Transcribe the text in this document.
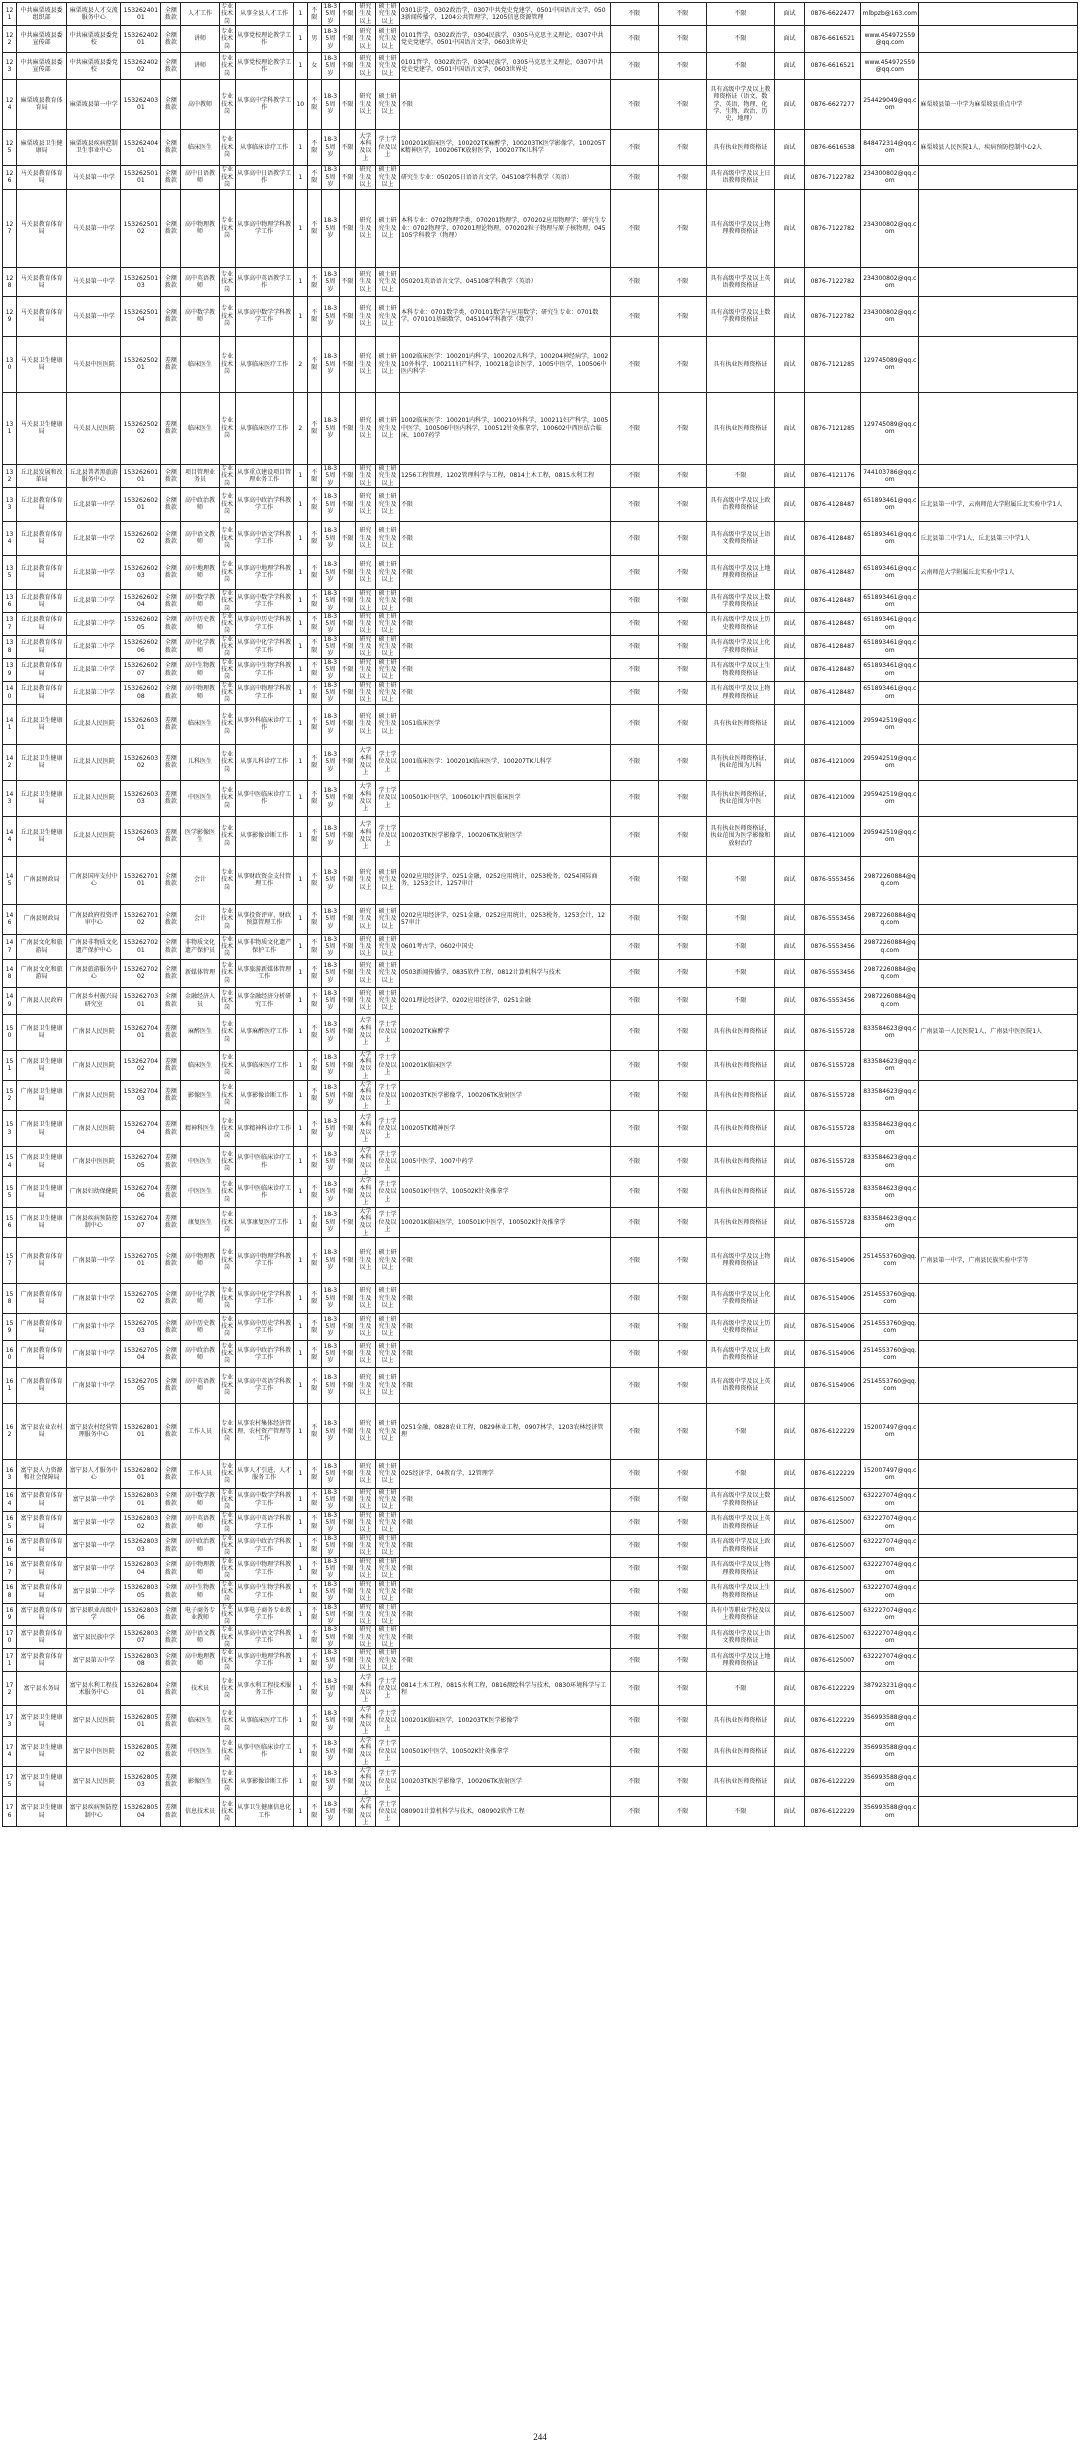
121	中共麻栗坡县委组织部	麻栗坡县人才交流服务中心	15326240101	全额拨款	人才工作	专业技术岗	从事全县人才工作	1	不限	18-35周岁	不限	研究生及以上	硕士研究生及以上	0301法学，0302政治学，0307中共党史党建学，0501中国语言文学，0503新闻传播学，1204公共管理学，1205信息资源管理	不限	不限	不限	面试	0876-6622477	mlbpzb@163.com	
122	中共麻栗坡县委宣传部	中共麻栗坡县委党校	15326240201	全额拨款	讲师	专业技术岗	从事党校理论教学工作	1	男	18-35周岁	不限	研究生及以上	硕士研究生及以上	0101哲学，0302政治学，0304民族学，0305马克思主义理论，0307中共党史党建学，0501中国语言文学，0603世界史	不限	不限	不限	面试	0876-6616521	www.454972559@qq.com	
123	中共麻栗坡县委宣传部	中共麻栗坡县委党校	15326240202	全额拨款	讲师	专业技术岗	从事党校理论教学工作	1	女	18-35周岁	不限	研究生及以上	硕士研究生及以上	0101哲学，0302政治学，0304民族学，0305马克思主义理论，0307中共党史党建学，0501中国语言文学，0603世界史	不限	不限	不限	面试	0876-6616521	www.454972559@qq.com	
124	麻栗坡县教育体育局	麻栗坡县第一中学	15326240301	全额拨款	高中教师	专业技术岗	从事高中学科教学工作	10	不限	18-35周岁	不限	研究生及以上	硕士研究生及以上	不限	不限	不限	具有高级中学及以上教师资格证（语文、数学、英语、物理、化学、生物、政治、历史、地理）	面试	0876-6627277	254429049@qq.com	麻栗坡县第一中学为麻栗坡县重点中学
125	麻栗坡县卫生健康局	麻栗坡县疾病控制卫生事业中心	15326240401	全额拨款	临床医生	专业技术岗	从事临床诊疗工作	1	不限	18-35周岁	不限	大学本科及以上	学士学位及以上	100201K临床医学，100202TK麻醉学，100203TK医学影像学，100205TK精神医学，100206TK放射医学，100207TK儿科学	不限	不限	具有执业医师资格证	面试	0876-6616538	848472314@qq.com	麻栗坡县人民医院1人，疾病预防控制中心2人
126	马关县教育体育局	马关县第一中学	15326250101	全额拨款	高中日语教师	专业技术岗	从事高中日语教学工作	1	不限	18-35周岁	不限	研究生及以上	硕士研究生及以上	研究生专业：050205日语语言文学，045108学科教学（英语）	不限	不限	具有高级中学及以上日语教师资格证	面试	0876-7122782	234300802@qq.com	
127	马关县教育体育局	马关县第一中学	15326250102	全额拨款	高中物理教师	专业技术岗	从事高中物理学科教学工作	1	不限	18-35周岁	不限	研究生及以上	硕士研究生及以上	本科专业：0702物理学类，070201物理学，070202应用物理学；研究生专业：0702物理学，070201理论物理，070202粒子物理与原子核物理，045105学科教学（物理）	不限	不限	具有高级中学及以上物理教师资格证	面试	0876-7122782	234300802@qq.com	
128	马关县教育体育局	马关县第一中学	15326250103	全额拨款	高中英语教师	专业技术岗	从事高中英语教学工作	1	不限	18-35周岁	不限	研究生及以上	硕士研究生及以上	050201英语语言文学，045108学科教学（英语）	不限	不限	具有高级中学及以上英语教师资格证	面试	0876-7122782	234300802@qq.com	
129	马关县教育体育局	马关县第一中学	15326250104	全额拨款	高中数学教师	专业技术岗	从事高中数学学科教学工作	1	不限	18-35周岁	不限	研究生及以上	硕士研究生及以上	本科专业：0701数学类，070101数学与应用数学；研究生专业：0701数学，070101基础数学，045104学科教学（数学）	不限	不限	具有高级中学及以上数学教师资格证	面试	0876-7122782	234300802@qq.com	
130	马关县卫生健康局	马关县中医医院	15326250201	差额拨款	临床医生	专业技术岗	从事临床医疗工作	2	不限	18-35周岁	不限	研究生及以上	硕士研究生及以上	1002临床医学：100201内科学，100202儿科学，100204神经病学，100210外科学，100211妇产科学，100218急诊医学，1005中医学，100506中医内科学	不限	不限	具有执业医师资格证	面试	0876-7121285	129745089@qq.com	
131	马关县卫生健康局	马关县人民医院	15326250202	差额拨款	临床医生	专业技术岗	从事临床医疗工作	2	不限	18-35周岁	不限	研究生及以上	硕士研究生及以上	1002临床医学：100201内科学，100210外科学，100211妇产科学，1005中医学，100506中医内科学，100512针灸推拿学，100602中西医结合临床，1007药学	不限	不限	具有执业医师资格证	面试	0876-7121285	129745089@qq.com	
132	丘北县发展和改革局	丘北县普者黑旅游服务中心	15326260101	全额拨款	项目管理业务员	专业技术岗	从事重点建设项目管理业务工作	1	不限	18-35周岁	不限	研究生及以上	硕士研究生及以上	1256工程管理，1202管理科学与工程，0814土木工程，0815水利工程	不限	不限	不限	面试	0876-4121176	744103786@qq.com	
133	丘北县教育体育局	丘北县第一中学	15326260201	全额拨款	高中政治教师	专业技术岗	从事高中政治学科教学工作	1	不限	18-35周岁	不限	研究生及以上	硕士研究生及以上	不限	不限	不限	具有高级中学及以上政治教师资格证	面试	0876-4128487	651893461@qq.com	丘北县第一中学，云南师范大学附属丘北实验中学1人
134	丘北县教育体育局	丘北县第一中学	15326260202	全额拨款	高中语文教师	专业技术岗	从事高中语文学科教学工作	1	不限	18-35周岁	不限	研究生及以上	硕士研究生及以上	不限	不限	不限	具有高级中学及以上语文教师资格证	面试	0876-4128487	651893461@qq.com	丘北县第二中学1人，丘北县第三中学1人
135	丘北县教育体育局	丘北县第一中学	15326260203	全额拨款	高中地理教师	专业技术岗	从事高中地理学科教学工作	1	不限	18-35周岁	不限	研究生及以上	硕士研究生及以上	不限	不限	不限	具有高级中学及以上地理教师资格证	面试	0876-4128487	651893461@qq.com	云南师范大学附属丘北实验中学1人
136	丘北县教育体育局	丘北县第二中学	15326260204	全额拨款	高中数学教师	专业技术岗	从事高中数学学科教学工作	1	不限	18-35周岁	不限	研究生及以上	硕士研究生及以上	不限	不限	不限	具有高级中学及以上数学教师资格证	面试	0876-4128487	651893461@qq.com	
137	丘北县教育体育局	丘北县第二中学	15326260205	全额拨款	高中历史教师	专业技术岗	从事高中历史学科教学工作	1	不限	18-35周岁	不限	研究生及以上	硕士研究生及以上	不限	不限	不限	具有高级中学及以上历史教师资格证	面试	0876-4128487	651893461@qq.com	
138	丘北县教育体育局	丘北县第二中学	15326260206	全额拨款	高中化学教师	专业技术岗	从事高中化学学科教学工作	1	不限	18-35周岁	不限	研究生及以上	硕士研究生及以上	不限	不限	不限	具有高级中学及以上化学教师资格证	面试	0876-4128487	651893461@qq.com	
139	丘北县教育体育局	丘北县第二中学	15326260207	全额拨款	高中生物教师	专业技术岗	从事高中生物学科教学工作	1	不限	18-35周岁	不限	研究生及以上	硕士研究生及以上	不限	不限	不限	具有高级中学及以上生物教师资格证	面试	0876-4128487	651893461@qq.com	
140	丘北县教育体育局	丘北县第二中学	15326260208	全额拨款	高中物理教师	专业技术岗	从事高中物理学科教学工作	1	不限	18-35周岁	不限	研究生及以上	硕士研究生及以上	不限	不限	不限	具有高级中学及以上物理教师资格证	面试	0876-4128487	651893461@qq.com	
141	丘北县卫生健康局	丘北县人民医院	15326260301	差额拨款	临床医生	专业技术岗	从事外科临床诊疗工作	1	不限	18-35周岁	不限	研究生及以上	硕士研究生及以上	1051临床医学	不限	不限	具有执业医师资格证	面试	0876-4121009	295942519@qq.com	
142	丘北县卫生健康局	丘北县人民医院	15326260302	差额拨款	儿科医生	专业技术岗	从事儿科诊疗工作	1	不限	18-35周岁	不限	大学本科及以上	学士学位及以上	1001临床医学：100201K临床医学，100207TK儿科学	不限	不限	具有执业医师资格证，执业范围为儿科	面试	0876-4121009	295942519@qq.com	
143	丘北县卫生健康局	丘北县人民医院	15326260303	差额拨款	中医医生	专业技术岗	从事中医临床诊疗工作	1	不限	18-35周岁	不限	大学本科及以上	学士学位及以上	100501K中医学，100601K中西医临床医学	不限	不限	具有执业医师资格证，执业范围为中医	面试	0876-4121009	295942519@qq.com	
144	丘北县卫生健康局	丘北县人民医院	15326260304	差额拨款	医学影像医生	专业技术岗	从事影像诊断工作	1	不限	18-35周岁	不限	大学本科及以上	学士学位及以上	100203TK医学影像学，100206TK放射医学	不限	不限	具有执业医师资格证，执业范围为医学影像和放射治疗	面试	0876-4121009	295942519@qq.com	
145	广南县财政局	广南县国库支付中心	15326270101	全额拨款	会计	专业技术岗	从事财政资金支付管理工作	1	不限	18-35周岁	不限	研究生及以上	硕士研究生及以上	0202应用经济学，0251金融，0252应用统计，0253税务，0254国际商务，1253会计，1257审计	不限	不限	不限	面试	0876-5553456	29872260884@qq.com	
146	广南县财政局	广南县政府投资评审中心	15326270102	全额拨款	会计	专业技术岗	从事投资评审、财政预算管理工作	1	不限	18-35周岁	不限	研究生及以上	硕士研究生及以上	0202应用经济学，0251金融，0252应用统计，0253税务，1253会计，1257审计	不限	不限	不限	面试	0876-5553456	29872260884@qq.com	
147	广南县文化和旅游局	广南县非物质文化遗产保护中心	15326270201	全额拨款	非物质文化遗产保护员	专业技术岗	从事非物质文化遗产保护工作	1	不限	18-35周岁	不限	研究生及以上	硕士研究生及以上	0601考古学，0602中国史	不限	不限	不限	面试	0876-5553456	29872260884@qq.com	
148	广南县文化和旅游局	广南县旅游服务中心	15326270202	全额拨款	新媒体管理	专业技术岗	从事旅游新媒体管理工作	1	不限	18-35周岁	不限	研究生及以上	硕士研究生及以上	0503新闻传播学，0835软件工程，0812计算机科学与技术	不限	不限	不限	面试	0876-5553456	29872260884@qq.com	
149	广南县人民政府	广南县乡村振兴局研究室	15326270301	全额拨款	金融经济人员	专业技术岗	从事金融经济分析研究工作	1	不限	18-35周岁	不限	研究生及以上	硕士研究生及以上	0201理论经济学，0202应用经济学，0251金融	不限	不限	不限	面试	0876-5553456	29872260884@qq.com	
150	广南县卫生健康局	广南县人民医院	15326270401	差额拨款	麻醉医生	专业技术岗	从事麻醉医疗工作	1	不限	18-35周岁	不限	大学本科及以上	学士学位及以上	100202TK麻醉学	不限	不限	具有执业医师资格证	面试	0876-5155728	833584623@qq.com	广南县第一人民医院1人，广南县中医医院1人
151	广南县卫生健康局	广南县人民医院	15326270402	差额拨款	临床医生	专业技术岗	从事临床医疗工作	1	不限	18-35周岁	不限	大学本科及以上	学士学位及以上	100201K临床医学	不限	不限	具有执业医师资格证	面试	0876-5155728	833584623@qq.com	
152	广南县卫生健康局	广南县人民医院	15326270403	差额拨款	影像医生	专业技术岗	从事影像诊断工作	1	不限	18-35周岁	不限	大学本科及以上	学士学位及以上	100203TK医学影像学，100206TK放射医学	不限	不限	具有执业医师资格证	面试	0876-5155728	833584623@qq.com	
153	广南县卫生健康局	广南县人民医院	15326270404	差额拨款	精神科医生	专业技术岗	从事精神科诊疗工作	1	不限	18-35周岁	不限	大学本科及以上	学士学位及以上	100205TK精神医学	不限	不限	具有执业医师资格证	面试	0876-5155728	833584623@qq.com	
154	广南县卫生健康局	广南县中医医院	15326270405	差额拨款	中医医生	专业技术岗	从事中医临床诊疗工作	1	不限	18-35周岁	不限	大学本科及以上	学士学位及以上	1005中医学，1007中药学	不限	不限	具有执业医师资格证	面试	0876-5155728	833584623@qq.com	
155	广南县卫生健康局	广南县妇幼保健院	15326270406	差额拨款	中医医生	专业技术岗	从事中医临床诊疗工作	1	不限	18-35周岁	不限	大学本科及以上	学士学位及以上	100501K中医学，100502K针灸推拿学	不限	不限	具有执业医师资格证	面试	0876-5155728	833584623@qq.com	
156	广南县卫生健康局	广南县疾病预防控制中心	15326270407	差额拨款	康复医生	专业技术岗	从事康复医疗工作	1	不限	18-35周岁	不限	大学本科及以上	学士学位及以上	100201K临床医学，100501K中医学，100502K针灸推拿学	不限	不限	具有执业医师资格证	面试	0876-5155728	833584623@qq.com	
157	广南县教育体育局	广南县第一中学	15326270501	全额拨款	高中物理教师	专业技术岗	从事高中物理学科教学工作	1	不限	18-35周岁	不限	研究生及以上	硕士研究生及以上	不限	不限	不限	具有高级中学及以上物理教师资格证	面试	0876-5154906	2514553760@qq.com	广南县第一中学，广南县民族实验中学等
158	广南县教育体育局	广南县第十中学	15326270502	全额拨款	高中化学教师	专业技术岗	从事高中化学学科教学工作	1	不限	18-35周岁	不限	研究生及以上	硕士研究生及以上	不限	不限	不限	具有高级中学及以上化学教师资格证	面试	0876-5154906	2514553760@qq.com	
159	广南县教育体育局	广南县第十中学	15326270503	全额拨款	高中历史教师	专业技术岗	从事高中历史学科教学工作	1	不限	18-35周岁	不限	研究生及以上	硕士研究生及以上	不限	不限	不限	具有高级中学及以上历史教师资格证	面试	0876-5154906	2514553760@qq.com	
160	广南县教育体育局	广南县第十中学	15326270504	全额拨款	高中政治教师	专业技术岗	从事高中政治学科教学工作	1	不限	18-35周岁	不限	研究生及以上	硕士研究生及以上	不限	不限	不限	具有高级中学及以上政治教师资格证	面试	0876-5154906	2514553760@qq.com	
161	广南县教育体育局	广南县第十中学	15326270505	全额拨款	高中英语教师	专业技术岗	从事高中英语学科教学工作	1	不限	18-35周岁	不限	研究生及以上	硕士研究生及以上	不限	不限	不限	具有高级中学及以上英语教师资格证	面试	0876-5154906	2514553760@qq.com	
162	富宁县农业农村局	富宁县农村经营管理服务中心	15326280101	全额拨款	工作人员	专业技术岗	从事农村集体经济管理、农村资产管理等工作	1	不限	18-35周岁	不限	研究生及以上	硕士研究生及以上	0251金融，0828农业工程，0829林业工程，0907林学，1203农林经济管理	不限	不限	不限	面试	0876-6122229	152007497@qq.com	
163	富宁县人力资源和社会保障局	富宁县人才服务中心	15326280201	全额拨款	工作人员	专业技术岗	从事人才引进、人才服务工作	1	不限	18-35周岁	不限	研究生及以上	硕士研究生及以上	025经济学，04教育学，12管理学	不限	不限	不限	面试	0876-6122229	152007497@qq.com	
164	富宁县教育体育局	富宁县第一中学	15326280301	全额拨款	高中数学教师	专业技术岗	从事高中数学学科教学工作	1	不限	18-35周岁	不限	研究生及以上	硕士研究生及以上	不限	不限	不限	具有高级中学及以上数学教师资格证	面试	0876-6125007	632227074@qq.com	
165	富宁县教育体育局	富宁县第一中学	15326280302	全额拨款	高中英语教师	专业技术岗	从事高中英语学科教学工作	1	不限	18-35周岁	不限	研究生及以上	硕士研究生及以上	不限	不限	不限	具有高级中学及以上英语教师资格证	面试	0876-6125007	632227074@qq.com	
166	富宁县教育体育局	富宁县第一中学	15326280303	全额拨款	高中政治教师	专业技术岗	从事高中政治学科教学工作	1	不限	18-35周岁	不限	研究生及以上	硕士研究生及以上	不限	不限	不限	具有高级中学及以上政治教师资格证	面试	0876-6125007	632227074@qq.com	
167	富宁县教育体育局	富宁县第一中学	15326280304	全额拨款	高中物理教师	专业技术岗	从事高中物理学科教学工作	1	不限	18-35周岁	不限	研究生及以上	硕士研究生及以上	不限	不限	不限	具有高级中学及以上物理教师资格证	面试	0876-6125007	632227074@qq.com	
168	富宁县教育体育局	富宁县第二中学	15326280305	全额拨款	高中生物教师	专业技术岗	从事高中生物学科教学工作	1	不限	18-35周岁	不限	研究生及以上	硕士研究生及以上	不限	不限	不限	具有高级中学及以上生物教师资格证	面试	0876-6125007	632227074@qq.com	
169	富宁县教育体育局	富宁县职业高级中学	15326280306	全额拨款	电子商务专业教师	专业技术岗	从事电子商务专业教学工作	1	不限	18-35周岁	不限	研究生及以上	硕士研究生及以上	不限	不限	不限	具有中等职业学校及以上教师资格证	面试	0876-6125007	632227074@qq.com	
170	富宁县教育体育局	富宁县民族中学	15326280307	全额拨款	高中语文教师	专业技术岗	从事高中语文学科教学工作	1	不限	18-35周岁	不限	研究生及以上	硕士研究生及以上	不限	不限	不限	具有高级中学及以上语文教师资格证	面试	0876-6125007	632227074@qq.com	
171	富宁县教育体育局	富宁县第五中学	15326280308	全额拨款	高中地理教师	专业技术岗	从事高中地理学科教学工作	1	不限	18-35周岁	不限	研究生及以上	硕士研究生及以上	不限	不限	不限	具有高级中学及以上地理教师资格证	面试	0876-6125007	632227074@qq.com	
172	富宁县水务局	富宁县水利工程技术服务中心	15326280401	全额拨款	技术员	专业技术岗	从事水利工程技术服务工作	1	不限	18-35周岁	不限	大学本科及以上	学士学位及以上	0814土木工程，0815水利工程，0816测绘科学与技术，0830环境科学与工程	不限	不限	不限	面试	0876-6122229	387923231@qq.com	
173	富宁县卫生健康局	富宁县人民医院	15326280501	差额拨款	临床医生	专业技术岗	从事临床医疗工作	1	不限	18-35周岁	不限	大学本科及以上	学士学位及以上	100201K临床医学，100203TK医学影像学	不限	不限	具有执业医师资格证	面试	0876-6122229	356993588@qq.com	
174	富宁县卫生健康局	富宁县中医医院	15326280502	差额拨款	中医医生	专业技术岗	从事中医临床诊疗工作	1	不限	18-35周岁	不限	大学本科及以上	学士学位及以上	100501K中医学，100502K针灸推拿学	不限	不限	具有执业医师资格证	面试	0876-6122229	356993588@qq.com	
175	富宁县卫生健康局	富宁县人民医院	15326280503	差额拨款	影像医生	专业技术岗	从事影像诊断工作	1	不限	18-35周岁	不限	大学本科及以上	学士学位及以上	100203TK医学影像学，100206TK放射医学	不限	不限	具有执业医师资格证	面试	0876-6122229	356993588@qq.com	
176	富宁县卫生健康局	富宁县疾病预防控制中心	15326280504	差额拨款	信息技术员	专业技术岗	从事卫生健康信息化工作	1	不限	18-35周岁	不限	大学本科及以上	学士学位及以上	080901计算机科学与技术，080902软件工程	不限	不限	不限	面试	0876-6122229	356993588@qq.com	
244
